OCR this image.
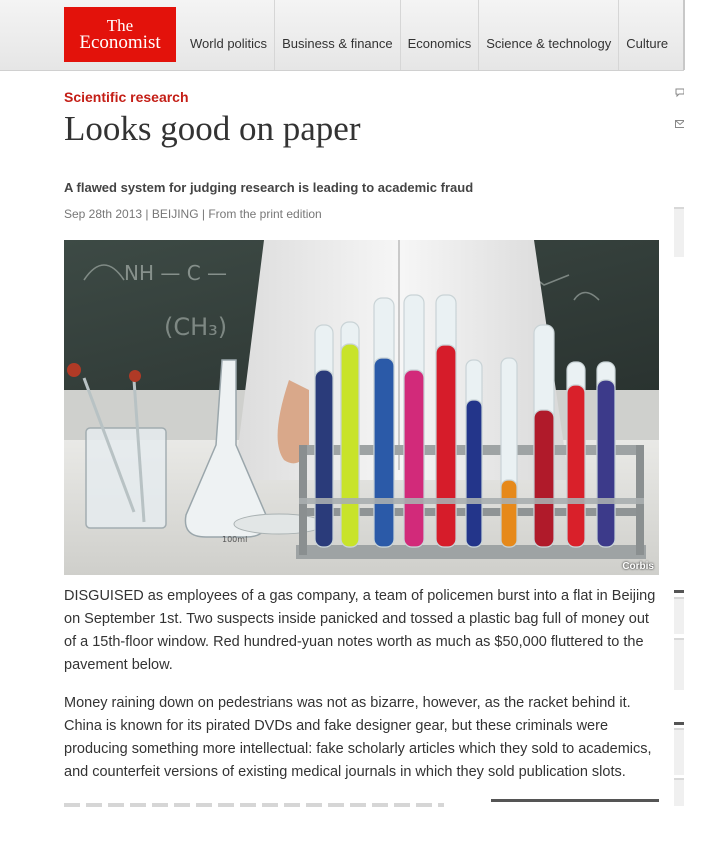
The
Economist	World politics	Business & finance	Economics	Science & technology	Culture
Scientific research
Looks good on paper
A flawed system for judging research is leading to academic fraud
Sep 28th 2013 | BEIJING | From the print edition
NH — C —
(CH₃)
100ml
Corbis

DISGUISED as employees of a gas company, a team of policemen burst into a flat in Beijing on September 1st. Two suspects inside panicked and tossed a plastic bag full of money out of a 15th-floor window. Red hundred-yuan notes worth as much as $50,000 fluttered to the pavement below.

Money raining down on pedestrians was not as bizarre, however, as the racket behind it. China is known for its pirated DVDs and fake designer gear, but these criminals were producing something more intellectual: fake scholarly articles which they sold to academics, and counterfeit versions of existing medical journals in which they sold publication slots.
